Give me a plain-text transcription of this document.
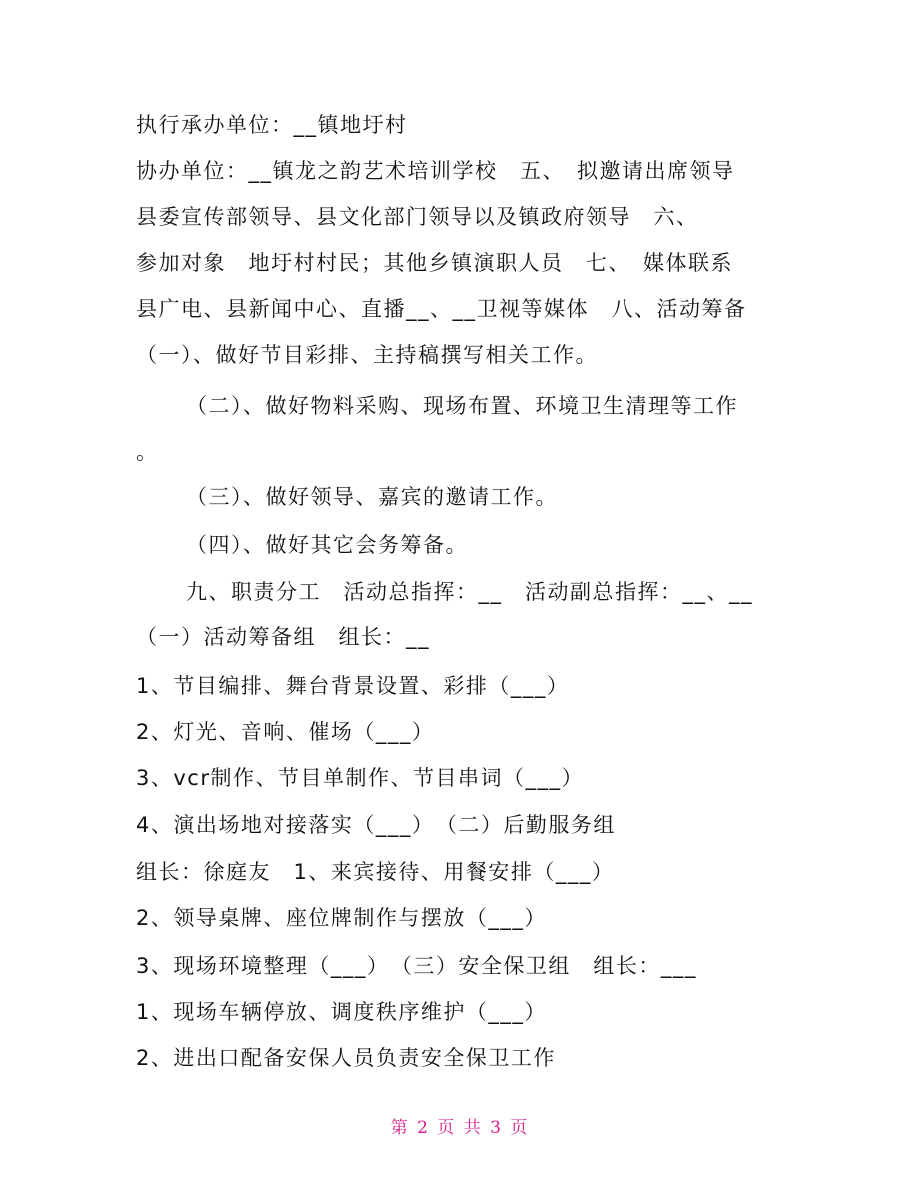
执行承办单位：__镇地圩村
协办单位：__镇龙之韵艺术培训学校　五、　拟邀请出席领导
县委宣传部领导、县文化部门领导以及镇政府领导　六、
参加对象　地圩村村民；其他乡镇演职人员　七、　媒体联系
县广电、县新闻中心、直播__、__卫视等媒体　八、活动筹备
（一）、做好节目彩排、主持稿撰写相关工作。
（二）、做好物料采购、现场布置、环境卫生清理等工作
。
（三）、做好领导、嘉宾的邀请工作。
（四）、做好其它会务筹备。
九、职责分工　活动总指挥：__　活动副总指挥：__、__
（一）活动筹备组　组长：__
1、节目编排、舞台背景设置、彩排（___）
2、灯光、音响、催场（___）
3、vcr制作、节目单制作、节目串词（___）
4、演出场地对接落实（___）　（二）后勤服务组
组长：徐庭友　1、来宾接待、用餐安排（___）
2、领导桌牌、座位牌制作与摆放（___）
3、现场环境整理（___）　（三）安全保卫组　组长：___
1、现场车辆停放、调度秩序维护（___）
2、进出口配备安保人员负责安全保卫工作
第 2 页 共 3 页
